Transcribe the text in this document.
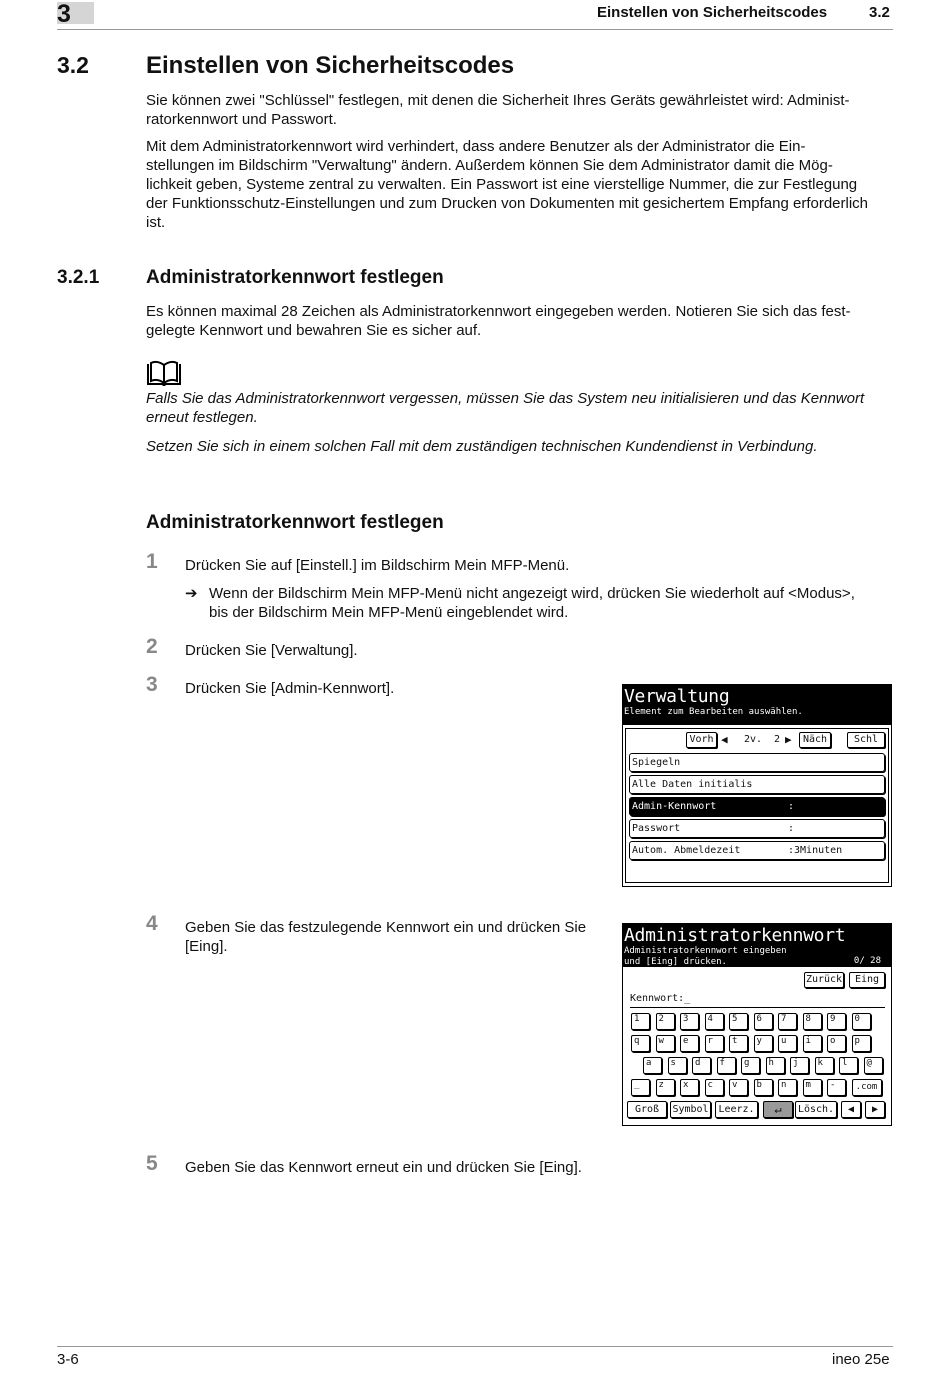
3	Einstellen von Sicherheitscodes	3.2
3.2 Einstellen von Sicherheitscodes
Sie können zwei "Schlüssel" festlegen, mit denen die Sicherheit Ihres Geräts gewährleistet wird: Administ-
ratorkennwort und Passwort.
Mit dem Administratorkennwort wird verhindert, dass andere Benutzer als der Administrator die Ein-
stellungen im Bildschirm "Verwaltung" ändern. Außerdem können Sie dem Administrator damit die Mög-
lichkeit geben, Systeme zentral zu verwalten. Ein Passwort ist eine vierstellige Nummer, die zur Festlegung
der Funktionsschutz-Einstellungen und zum Drucken von Dokumenten mit gesichertem Empfang erforderlich
ist.
3.2.1 Administratorkennwort festlegen
Es können maximal 28 Zeichen als Administratorkennwort eingegeben werden. Notieren Sie sich das fest-
gelegte Kennwort und bewahren Sie es sicher auf.
Falls Sie das Administratorkennwort vergessen, müssen Sie das System neu initialisieren und das Kennwort
erneut festlegen.
Setzen Sie sich in einem solchen Fall mit dem zuständigen technischen Kundendienst in Verbindung.
Administratorkennwort festlegen
1 Drücken Sie auf [Einstell.] im Bildschirm Mein MFP-Menü.
➔ Wenn der Bildschirm Mein MFP-Menü nicht angezeigt wird, drücken Sie wiederholt auf <Modus>,
bis der Bildschirm Mein MFP-Menü eingeblendet wird.
2 Drücken Sie [Verwaltung].
3 Drücken Sie [Admin-Kennwort].
4 Geben Sie das festzulegende Kennwort ein und drücken Sie
[Eing].
5 Geben Sie das Kennwort erneut ein und drücken Sie [Eing].
Verwaltung
Element zum Bearbeiten auswählen.
Vorh ◀ 2v. 2 ▶	Näch	Schl
Spiegeln
Alle Daten initialis
Admin-Kennwort	:
Passwort	:
Autom. Abmeldezeit	:3Minuten
Administratorkennwort
Administratorkennwort eingeben
und [Eing] drücken.	0/ 28
Zurück	Eing
Kennwort:_
1	2	3	4	5	6	7	8	9	0
q	w	e	r	t	y	u	i	o	p
a	s	d	f	g	h	j	k	l	@
_	z	x	c	v	b	n	m	-	.com
Groß	Symbol Leerz.	↵	Lösch.	◀	▶
3-6	ineo 25e
